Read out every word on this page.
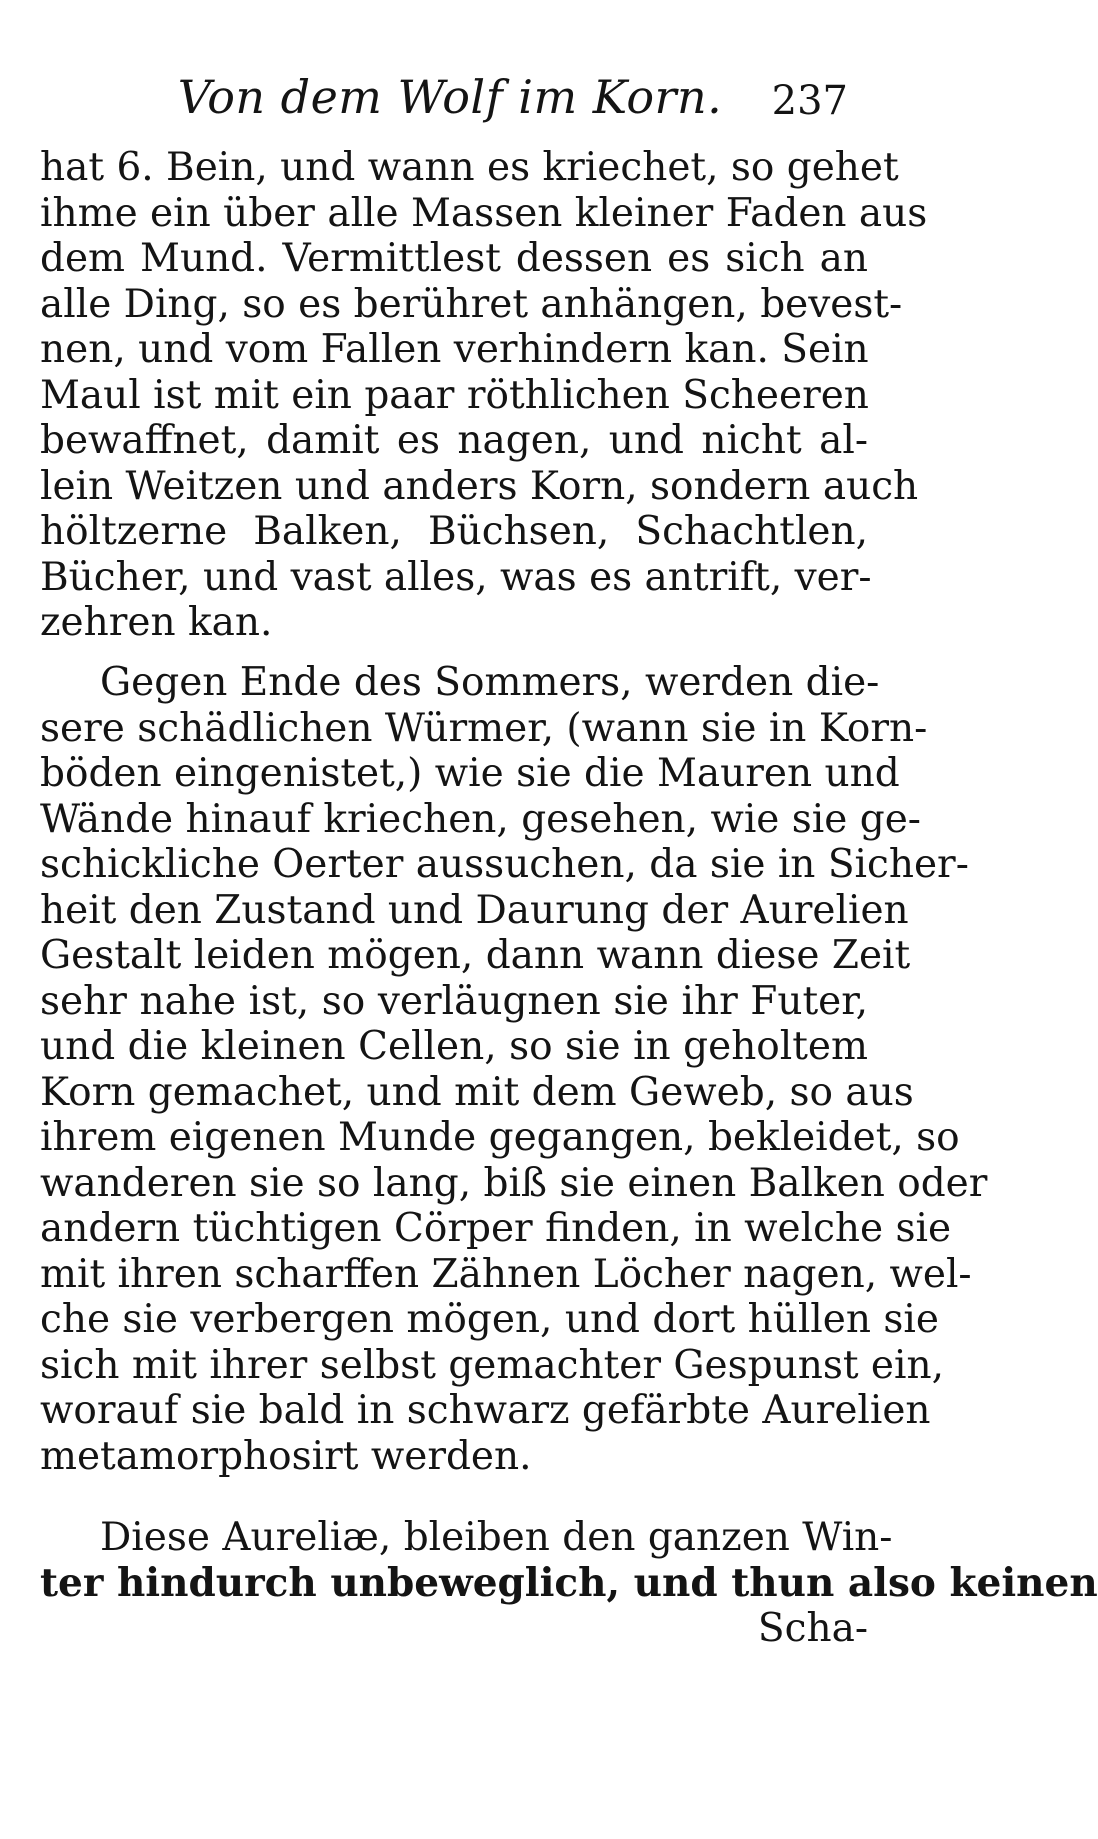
Von dem Wolf im Korn.	237
hat 6. Bein, und wann es kriechet, so gehet
ihme ein über alle Massen kleiner Faden aus
dem Mund. Vermittlest dessen es sich an
alle Ding, so es berühret anhängen, bevest-
nen, und vom Fallen verhindern kan. Sein
Maul ist mit ein paar röthlichen Scheeren
bewaffnet, damit es nagen, und nicht al-
lein Weitzen und anders Korn, sondern auch
höltzerne Balken, Büchsen, Schachtlen,
Bücher, und vast alles, was es antrift, ver-
zehren kan.
Gegen Ende des Sommers, werden die-
sere schädlichen Würmer, (wann sie in Korn-
böden eingenistet,) wie sie die Mauren und
Wände hinauf kriechen, gesehen, wie sie ge-
schickliche Oerter aussuchen, da sie in Sicher-
heit den Zustand und Daurung der Aurelien
Gestalt leiden mögen, dann wann diese Zeit
sehr nahe ist, so verläugnen sie ihr Futer,
und die kleinen Cellen, so sie in geholtem
Korn gemachet, und mit dem Geweb, so aus
ihrem eigenen Munde gegangen, bekleidet, so
wanderen sie so lang, biß sie einen Balken oder
andern tüchtigen Cörper finden, in welche sie
mit ihren scharffen Zähnen Löcher nagen, wel-
che sie verbergen mögen, und dort hüllen sie
sich mit ihrer selbst gemachter Gespunst ein,
worauf sie bald in schwarz gefärbte Aurelien
metamorphosirt werden.
Diese Aureliæ, bleiben den ganzen Win-
ter hindurch unbeweglich, und thun also keinen
Scha-
